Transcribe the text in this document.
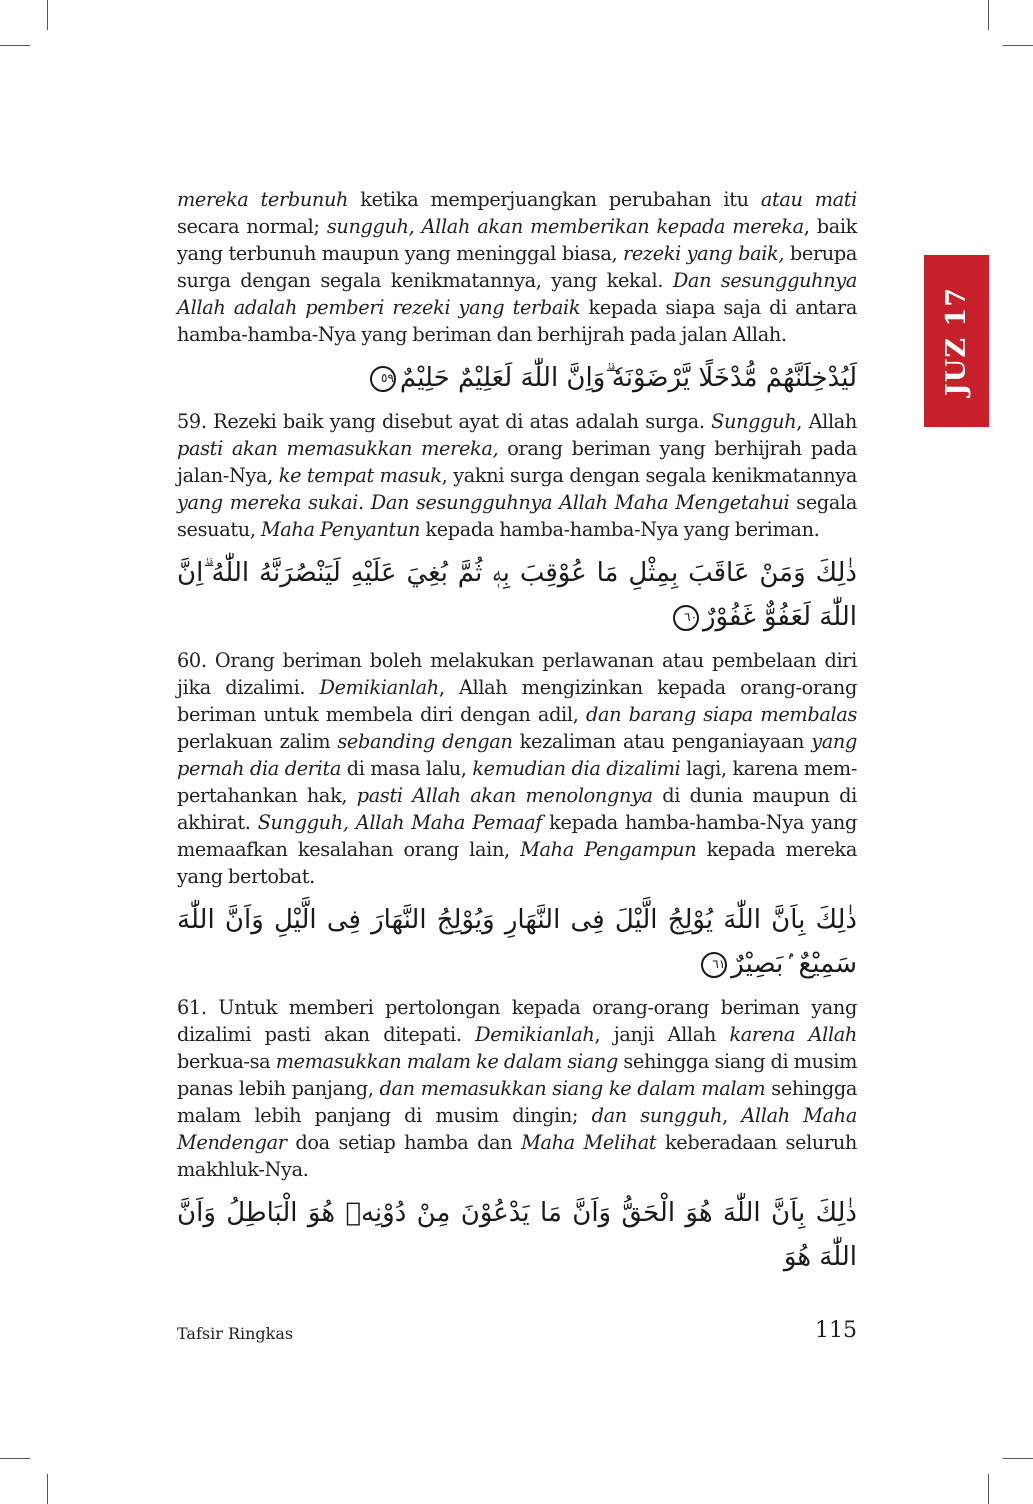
JUZ 17

mereka terbunuh ketika memperjuangkan perubahan itu atau mati secara normal; sungguh, Allah akan memberikan kepada mereka, baik yang terbunuh maupun yang meninggal biasa, rezeki yang baik, berupa surga dengan segala kenikmatannya, yang kekal. Dan sesungguhnya Allah adalah pemberi rezeki yang terbaik kepada siapa saja di antara hamba-hamba-Nya yang beriman dan berhijrah pada jalan Allah.

لَيُدْخِلَنَّهُمْ مُّدْخَلًا يَّرْضَوْنَهٗ ۗوَاِنَّ اللّٰهَ لَعَلِيْمٌ حَلِيْمٌ٥٩

59. Rezeki baik yang disebut ayat di atas adalah surga. Sungguh, Allah pasti akan memasukkan mereka, orang beriman yang berhijrah pada jalan-Nya, ke tempat masuk, yakni surga dengan segala kenikmatannya yang mereka sukai. Dan sesungguhnya Allah Maha Mengetahui segala sesuatu, Maha Penyantun kepada hamba-hamba-Nya yang beriman.

ذٰلِكَ وَمَنْ عَاقَبَ بِمِثْلِ مَا عُوْقِبَ بِهٖ ثُمَّ بُغِيَ عَلَيْهِ لَيَنْصُرَنَّهُ اللّٰهُ ۗاِنَّ اللّٰهَ لَعَفُوٌّ غَفُوْرٌ٦٠

60. Orang beriman boleh melakukan perlawanan atau pembelaan diri jika dizalimi. Demikianlah, Allah mengizinkan kepada orang-orang beriman untuk membela diri dengan adil, dan barang siapa membalas perlakuan zalim sebanding dengan kezaliman atau penganiayaan yang pernah dia derita di masa lalu, kemudian dia dizalimi lagi, karena mem-pertahankan hak, pasti Allah akan menolongnya di dunia maupun di akhirat. Sungguh, Allah Maha Pemaaf kepada hamba-hamba-Nya yang memaafkan kesalahan orang lain, Maha Pengampun kepada mereka yang bertobat.

ذٰلِكَ بِاَنَّ اللّٰهَ يُوْلِجُ الَّيْلَ فِى النَّهَارِ وَيُوْلِجُ النَّهَارَ فِى الَّيْلِ وَاَنَّ اللّٰهَ سَمِيْعٌ ۢبَصِيْرٌ٦١

61. Untuk memberi pertolongan kepada orang-orang beriman yang dizalimi pasti akan ditepati. Demikianlah, janji Allah karena Allah berkua-sa memasukkan malam ke dalam siang sehingga siang di musim panas lebih panjang, dan memasukkan siang ke dalam malam sehingga malam lebih panjang di musim dingin; dan sungguh, Allah Maha Mendengar doa setiap hamba dan Maha Melihat keberadaan seluruh makhluk-Nya.

ذٰلِكَ بِاَنَّ اللّٰهَ هُوَ الْحَقُّ وَاَنَّ مَا يَدْعُوْنَ مِنْ دُوْنِهٖ هُوَ الْبَاطِلُ وَاَنَّ اللّٰهَ هُوَ

Tafsir Ringkas	115
